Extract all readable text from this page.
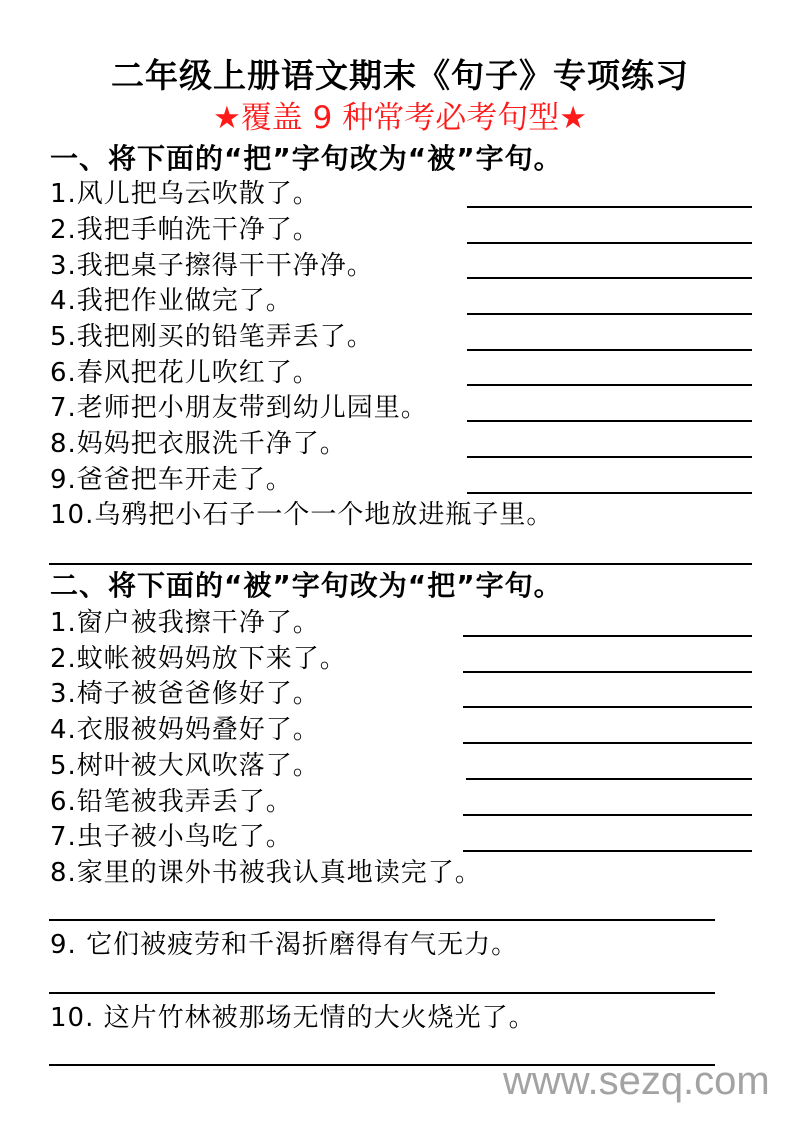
二年级上册语文期末《句子》专项练习
★覆盖 9 种常考必考句型★
一、将下面的“把”字句改为“被”字句。
1.风儿把乌云吹散了。
2.我把手帕洗干净了。
3.我把桌子擦得干干净净。
4.我把作业做完了。
5.我把刚买的铅笔弄丢了。
6.春风把花儿吹红了。
7.老师把小朋友带到幼儿园里。
8.妈妈把衣服洗千净了。
9.爸爸把车开走了。
10.乌鸦把小石子一个一个地放进瓶子里。
二、将下面的“被”字句改为“把”字句。
1.窗户被我擦干净了。
2.蚊帐被妈妈放下来了。
3.椅子被爸爸修好了。
4.衣服被妈妈叠好了。
5.树叶被大风吹落了。
6.铅笔被我弄丢了。
7.虫子被小鸟吃了。
8.家里的课外书被我认真地读完了。
9. 它们被疲劳和千渴折磨得有气无力。
10. 这片竹林被那场无情的大火烧光了。
www.sezq.com
